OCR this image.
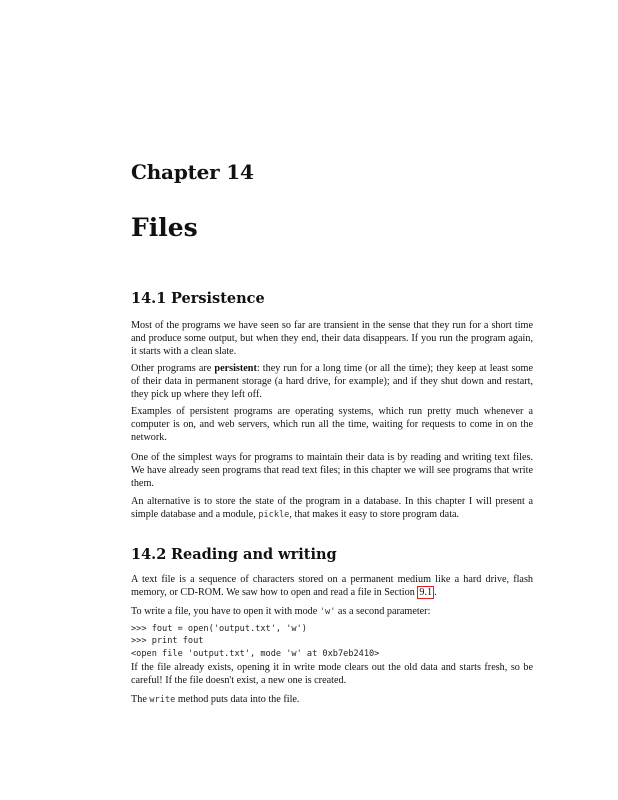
Chapter 14
Files
14.1 Persistence

Most of the programs we have seen so far are transient in the sense that they run for a short time and produce some output, but when they end, their data disappears. If you run the program again, it starts with a clean slate.

Other programs are persistent: they run for a long time (or all the time); they keep at least some of their data in permanent storage (a hard drive, for example); and if they shut down and restart, they pick up where they left off.

Examples of persistent programs are operating systems, which run pretty much whenever a computer is on, and web servers, which run all the time, waiting for requests to come in on the network.

One of the simplest ways for programs to maintain their data is by reading and writing text files. We have already seen programs that read text files; in this chapter we will see programs that write them.

An alternative is to store the state of the program in a database. In this chapter I will present a simple database and a module, pickle, that makes it easy to store program data.

14.2 Reading and writing

A text file is a sequence of characters stored on a permanent medium like a hard drive, flash memory, or CD-ROM. We saw how to open and read a file in Section 9.1 .

To write a file, you have to open it with mode 'w' as a second parameter:

>>> fout = open('output.txt', 'w')
>>> print fout
<open file 'output.txt', mode 'w' at 0xb7eb2410>

If the file already exists, opening it in write mode clears out the old data and starts fresh, so be careful! If the file doesn't exist, a new one is created.

The write method puts data into the file.
